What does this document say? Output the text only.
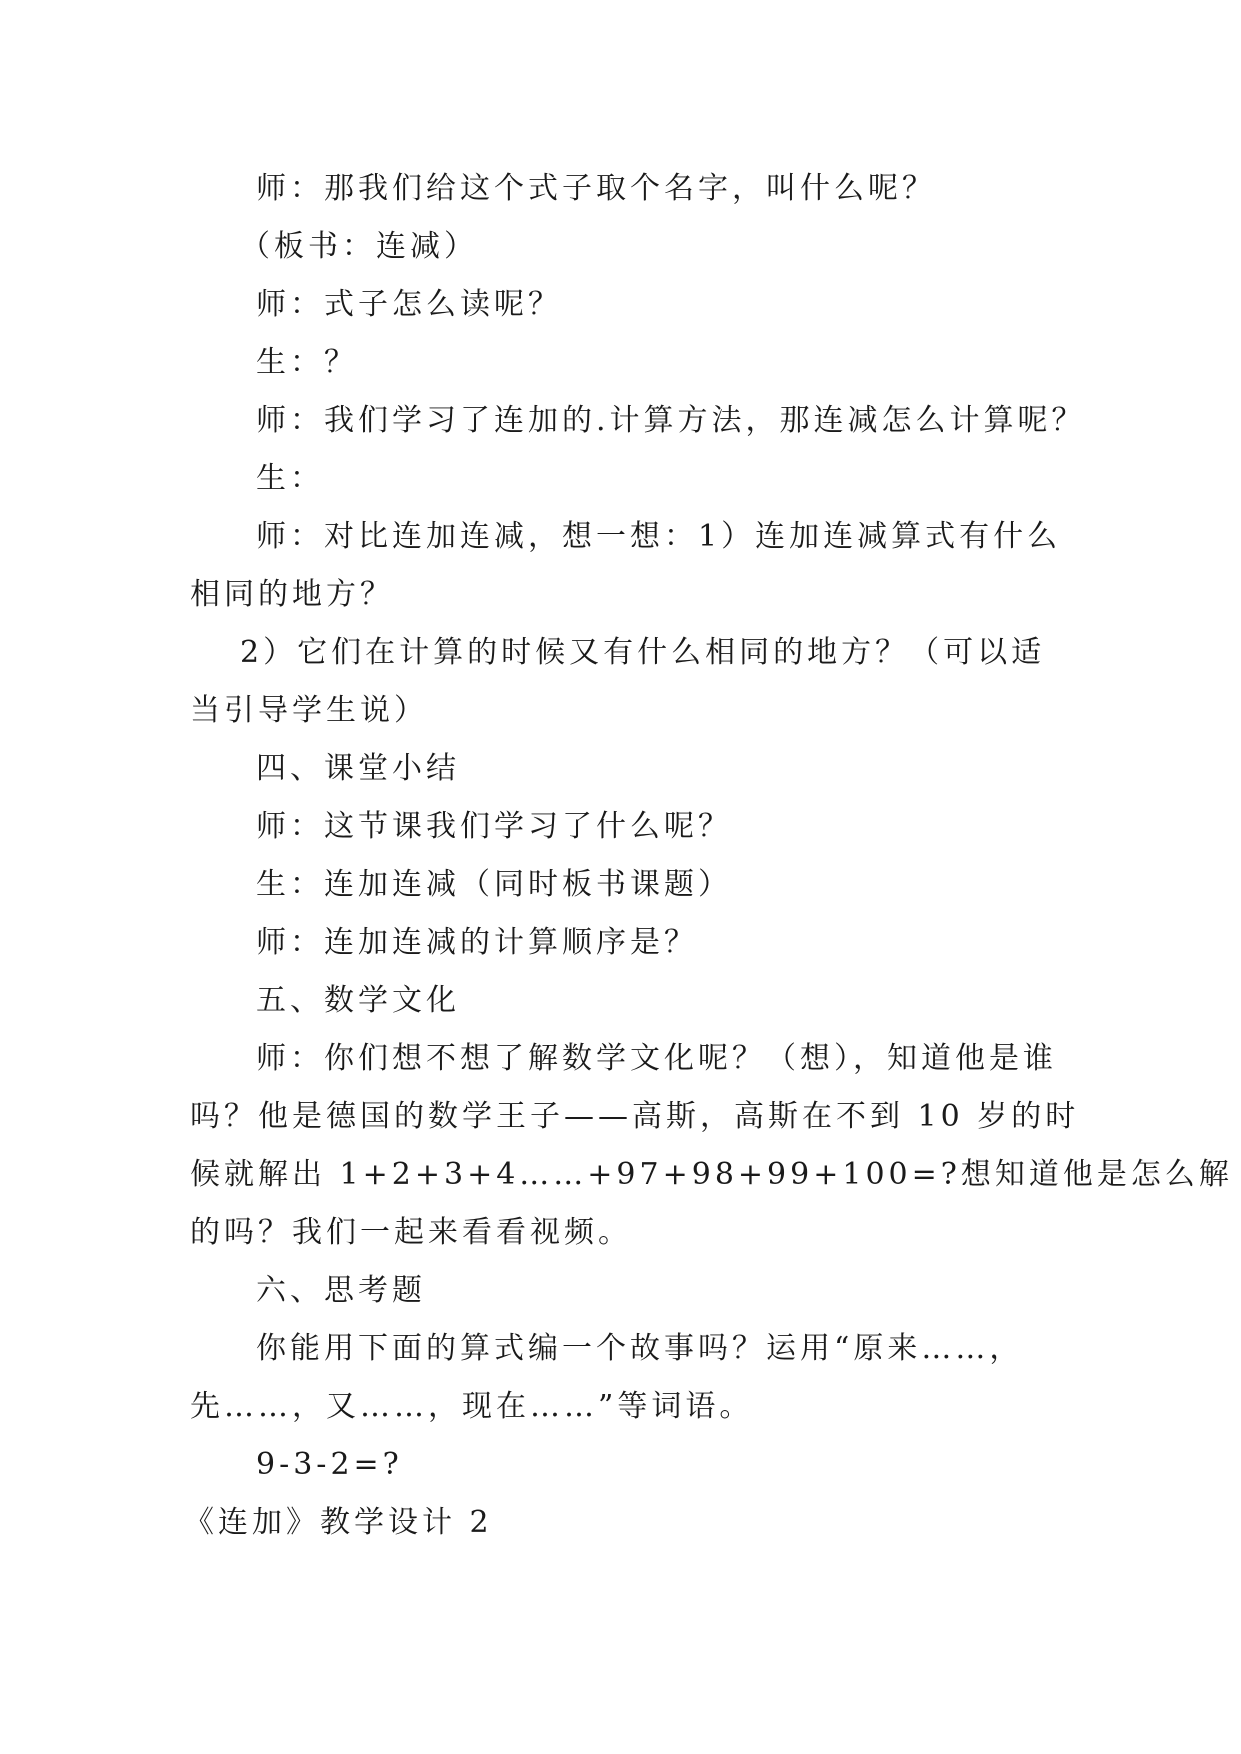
师：那我们给这个式子取个名字，叫什么呢？
（板书：连减）
师：式子怎么读呢？
生：？
师：我们学习了连加的.计算方法，那连减怎么计算呢？
生：
师：对比连加连减，想一想：1）连加连减算式有什么
相同的地方？
2）它们在计算的时候又有什么相同的地方？（可以适
当引导学生说）
四、课堂小结
师：这节课我们学习了什么呢？
生：连加连减（同时板书课题）
师：连加连减的计算顺序是？
五、数学文化
师：你们想不想了解数学文化呢？（想），知道他是谁
吗？他是德国的数学王子——高斯，高斯在不到 10 岁的时
候就解出 1+2+3+4……+97+98+99+100=?想知道他是怎么解
的吗？我们一起来看看视频。
六、思考题
你能用下面的算式编一个故事吗？运用“原来……，
先……，又……，现在……”等词语。
9-3-2=?
《连加》教学设计 2
